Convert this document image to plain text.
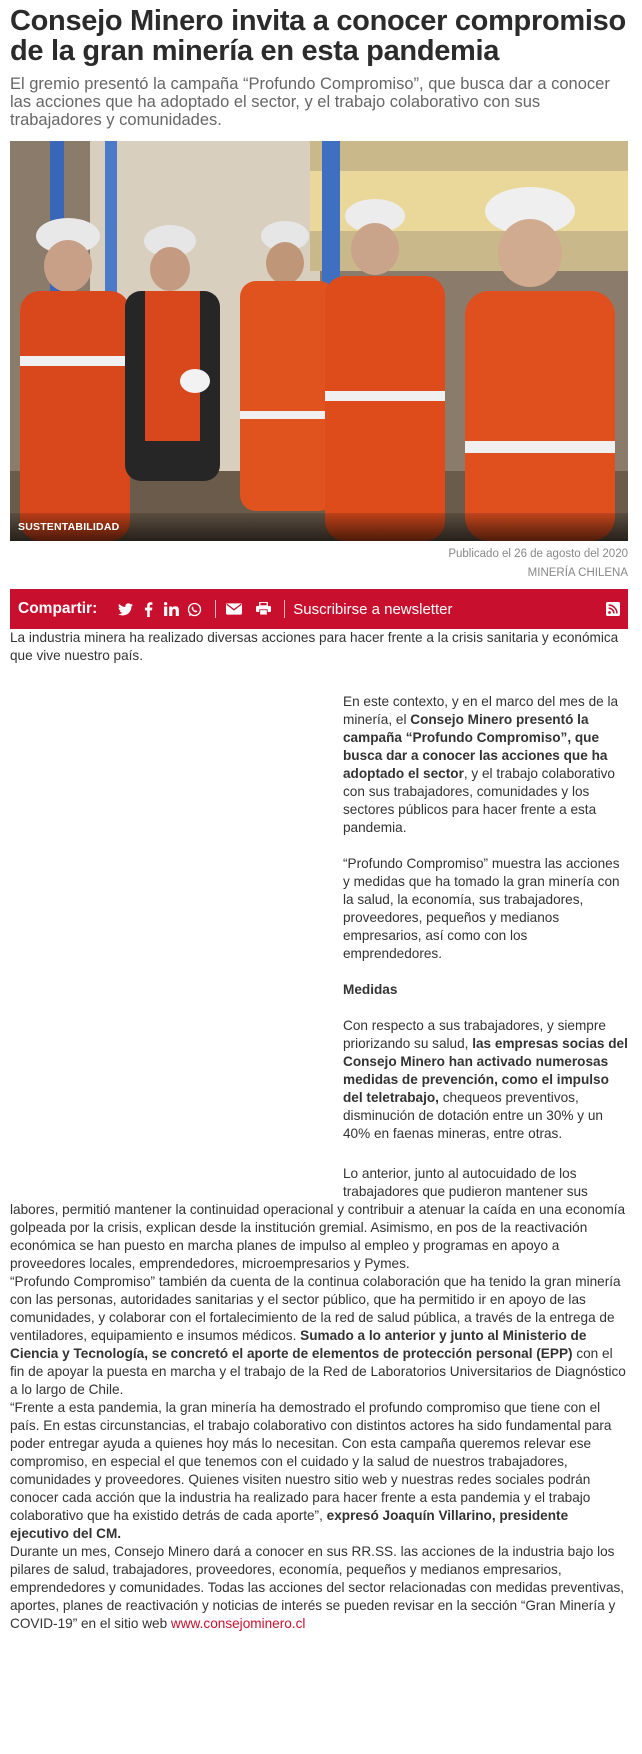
Consejo Minero invita a conocer compromiso de la gran minería en esta pandemia

El gremio presentó la campaña “Profundo Compromiso”, que busca dar a conocer las acciones que ha adoptado el sector, y el trabajo colaborativo con sus trabajadores y comunidades.

SUSTENTABILIDAD
Publicado el 26 de agosto del 2020
MINERÍA CHILENA
Compartir:	Suscribirse a newsletter

La industria minera ha realizado diversas acciones para hacer frente a la crisis sanitaria y económica que vive nuestro país.

En este contexto, y en el marco del mes de la minería, el Consejo Minero presentó la campaña “Profundo Compromiso”, que busca dar a conocer las acciones que ha adoptado el sector, y el trabajo colaborativo con sus trabajadores, comunidades y los sectores públicos para hacer frente a esta pandemia.

“Profundo Compromiso” muestra las acciones y medidas que ha tomado la gran minería con la salud, la economía, sus trabajadores, proveedores, pequeños y medianos empresarios, así como con los emprendedores.

Medidas

Con respecto a sus trabajadores, y siempre priorizando su salud, las empresas socias del Consejo Minero han activado numerosas medidas de prevención, como el impulso del teletrabajo, chequeos preventivos, disminución de dotación entre un 30% y un 40% en faenas mineras, entre otras.

Lo anterior, junto al autocuidado de los trabajadores que pudieron mantener sus
labores, permitió mantener la continuidad operacional y contribuir a atenuar la caída en una economía golpeada por la crisis, explican desde la institución gremial. Asimismo, en pos de la reactivación económica se han puesto en marcha planes de impulso al empleo y programas en apoyo a proveedores locales, emprendedores, microempresarios y Pymes.

“Profundo Compromiso” también da cuenta de la continua colaboración que ha tenido la gran minería con las personas, autoridades sanitarias y el sector público, que ha permitido ir en apoyo de las comunidades, y colaborar con el fortalecimiento de la red de salud pública, a través de la entrega de ventiladores, equipamiento e insumos médicos. Sumado a lo anterior y junto al Ministerio de Ciencia y Tecnología, se concretó el aporte de elementos de protección personal (EPP) con el fin de apoyar la puesta en marcha y el trabajo de la Red de Laboratorios Universitarios de Diagnóstico a lo largo de Chile.

“Frente a esta pandemia, la gran minería ha demostrado el profundo compromiso que tiene con el país. En estas circunstancias, el trabajo colaborativo con distintos actores ha sido fundamental para poder entregar ayuda a quienes hoy más lo necesitan. Con esta campaña queremos relevar ese compromiso, en especial el que tenemos con el cuidado y la salud de nuestros trabajadores, comunidades y proveedores. Quienes visiten nuestro sitio web y nuestras redes sociales podrán conocer cada acción que la industria ha realizado para hacer frente a esta pandemia y el trabajo colaborativo que ha existido detrás de cada aporte”, expresó Joaquín Villarino, presidente ejecutivo del CM.

Durante un mes, Consejo Minero dará a conocer en sus RR.SS. las acciones de la industria bajo los pilares de salud, trabajadores, proveedores, economía, pequeños y medianos empresarios, emprendedores y comunidades. Todas las acciones del sector relacionadas con medidas preventivas, aportes, planes de reactivación y noticias de interés se pueden revisar en la sección “Gran Minería y COVID-19” en el sitio web www.consejominero.cl
